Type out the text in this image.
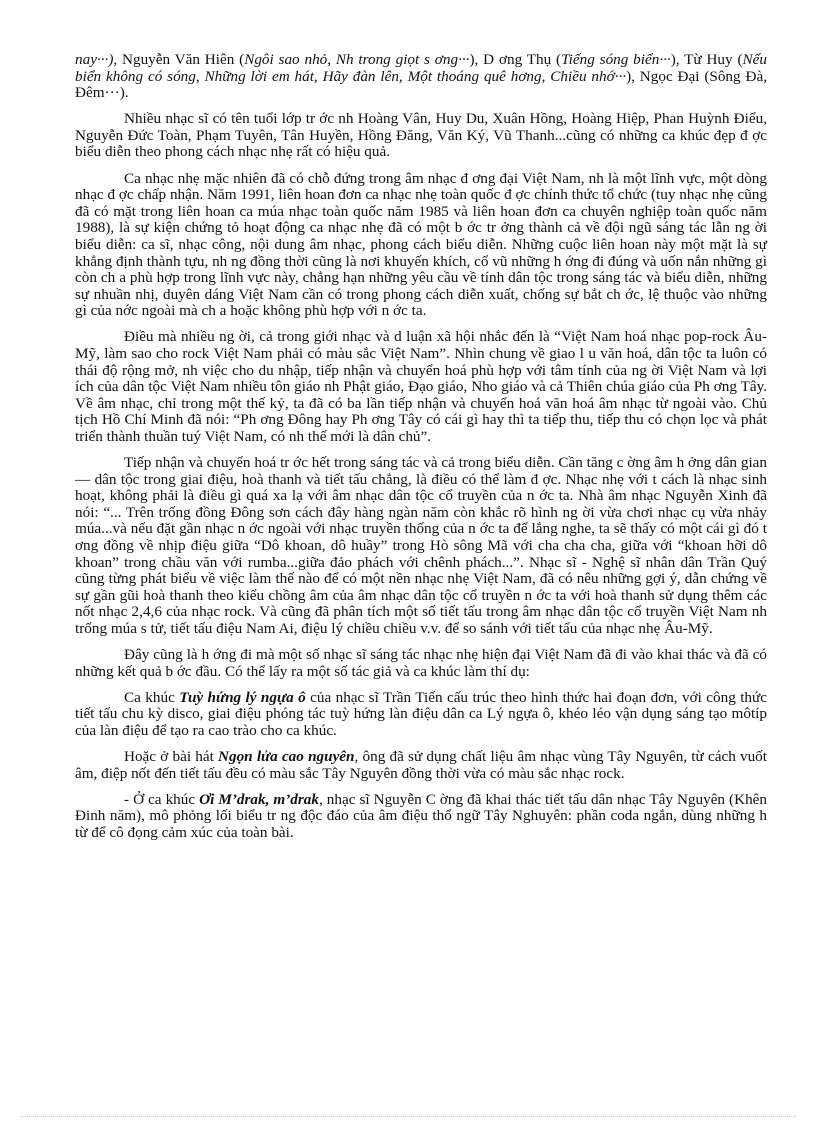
nay···), Nguyễn Văn Hiên (Ngôi sao nhỏ, Nh trong giọt s ơng···), D ơng Thụ (Tiếng sóng biển···), Từ Huy (Nếu biển không có sóng, Những lời em hát, Hãy đàn lên, Một thoáng quê hơng, Chiều nhớ···), Ngọc Đại (Sông Đà, Đêm···).

Nhiều nhạc sĩ có tên tuổi lớp tr ớc nh Hoàng Vân, Huy Du, Xuân Hồng, Hoàng Hiệp, Phan Huỳnh Điểu, Nguyễn Đức Toàn, Phạm Tuyên, Tân Huyền, Hồng Đăng, Văn Ký, Vũ Thanh...cũng có những ca khúc đẹp đ ợc biểu diễn theo phong cách nhạc nhẹ rất có hiệu quả.

Ca nhạc nhẹ mặc nhiên đã có chỗ đứng trong âm nhạc đ ơng đại Việt Nam, nh là một lĩnh vực, một dòng nhạc đ ợc chấp nhận. Năm 1991, liên hoan đơn ca nhạc nhẹ toàn quốc đ ợc chính thức tổ chức (tuy nhạc nhẹ cũng đã có mặt trong liên hoan ca múa nhạc toàn quốc năm 1985 và liên hoan đơn ca chuyên nghiệp toàn quốc năm 1988), là sự kiện chứng tỏ hoạt động ca nhạc nhẹ đã có một b ớc tr ởng thành cả về đội ngũ sáng tác lẫn ng ời biểu diễn: ca sĩ, nhạc công, nội dung âm nhạc, phong cách biểu diễn. Những cuộc liên hoan này một mặt là sự khẳng định thành tựu, nh ng đồng thời cũng là nơi khuyến khích, cổ vũ những h ớng đi đúng và uốn nắn những gì còn ch a phù hợp trong lĩnh vực này, chẳng hạn những yêu cầu về tính dân tộc trong sáng tác và biểu diễn, những sự nhuần nhị, duyên dáng Việt Nam cần có trong phong cách diễn xuất, chống sự bắt ch ớc, lệ thuộc vào những gì của nớc ngoài mà ch a hoặc không phù hợp với n ớc ta.

Điều mà nhiều ng ời, cả trong giới nhạc và d luận xã hội nhắc đến là “Việt Nam hoá nhạc pop-rock Âu- Mỹ, làm sao cho rock Việt Nam phải có màu sắc Việt Nam”. Nhìn chung về giao l u văn hoá, dân tộc ta luôn có thái độ rộng mở, nh việc cho du nhập, tiếp nhận và chuyển hoá phù hợp với tâm tính của ng ời Việt Nam và lợi ích của dân tộc Việt Nam nhiều tôn giáo nh Phật giáo, Đạo giáo, Nho giáo và cả Thiên chúa giáo của Ph ơng Tây. Về âm nhạc, chỉ trong một thế kỷ, ta đã có ba lần tiếp nhận và chuyển hoá văn hoá âm nhạc từ ngoài vào. Chủ tịch Hồ Chí Minh đã nói: “Ph ơng Đông hay Ph ơng Tây có cái gì hay thì ta tiếp thu, tiếp thu có chọn lọc và phát triển thành thuần tuý Việt Nam, có nh thế mới là dân chủ”.

Tiếp nhận và chuyển hoá tr ớc hết trong sáng tác và cả trong biểu diễn. Cần tăng c ờng âm h ởng dân gian — dân tộc trong giai điệu, hoà thanh và tiết tấu chẳng, là điều có thể làm đ ợc. Nhạc nhẹ với t cách là nhạc sinh hoạt, không phải là điều gì quá xa lạ với âm nhạc dân tộc cổ truyền của n ớc ta. Nhà âm nhạc Nguyễn Xinh đã nói: “... Trên trống đồng Đông sơn cách đây hàng ngàn năm còn khắc rõ hình ng ời vừa chơi nhạc cụ vừa nhảy múa...và nếu đặt gần nhạc n ớc ngoài với nhạc truyền thống của n ớc ta để lắng nghe, ta sẽ thấy có một cái gì đó t ơng đồng về nhịp điệu giữa “Dô khoan, dô huầy” trong Hò sông Mã với cha cha cha, giữa với “khoan hỡi dô khoan” trong chầu văn với rumba...giữa đảo phách với chênh phách...”. Nhạc sĩ - Nghệ sĩ nhân dân Trần Quý cũng từng phát biểu về việc làm thế nào để có một nền nhạc nhẹ Việt Nam, đã có nêu những gợi ý, dẫn chứng về sự gần gũi hoà thanh theo kiểu chồng âm của âm nhạc dân tộc cổ truyền n ớc ta với hoà thanh sử dụng thêm các nốt nhạc 2,4,6 của nhạc rock. Và cũng đã phân tích một số tiết tấu trong âm nhạc dân tộc cổ truyền Việt Nam nh trống múa s tử, tiết tấu điệu Nam Ai, điệu lý chiều chiều v.v. để so sánh với tiết tấu của nhạc nhẹ Âu-Mỹ.

Đây cũng là h ớng đi mà một số nhạc sĩ sáng tác nhạc nhẹ hiện đại Việt Nam đã đi vào khai thác và đã có những kết quả b ớc đầu. Có thể lấy ra một số tác giả và ca khúc làm thí dụ:

Ca khúc Tuỳ hứng lý ngựa ô của nhạc sĩ Trần Tiến cấu trúc theo hình thức hai đoạn đơn, với công thức tiết tấu chu kỳ disco, giai điệu phóng tác tuỳ hứng làn điệu dân ca Lý ngựa ô, khéo léo vận dụng sáng tạo môtíp của làn điệu để tạo ra cao trào cho ca khúc.

Hoặc ở bài hát Ngọn lửa cao nguyên, ông đã sử dụng chất liệu âm nhạc vùng Tây Nguyên, từ cách vuốt âm, điệp nốt đến tiết tấu đều có màu sắc Tây Nguyên đồng thời vừa có màu sắc nhạc rock.

- Ở ca khúc Ơi M’drak, m’drak, nhạc sĩ Nguyễn C ờng đã khai thác tiết tấu dân nhạc Tây Nguyên (Khên Đinh năm), mô phỏng lối biểu tr ng độc đáo của âm điệu thổ ngữ Tây Nghuyên: phần coda ngắn, dùng những h từ để cô đọng cảm xúc của toàn bài.
